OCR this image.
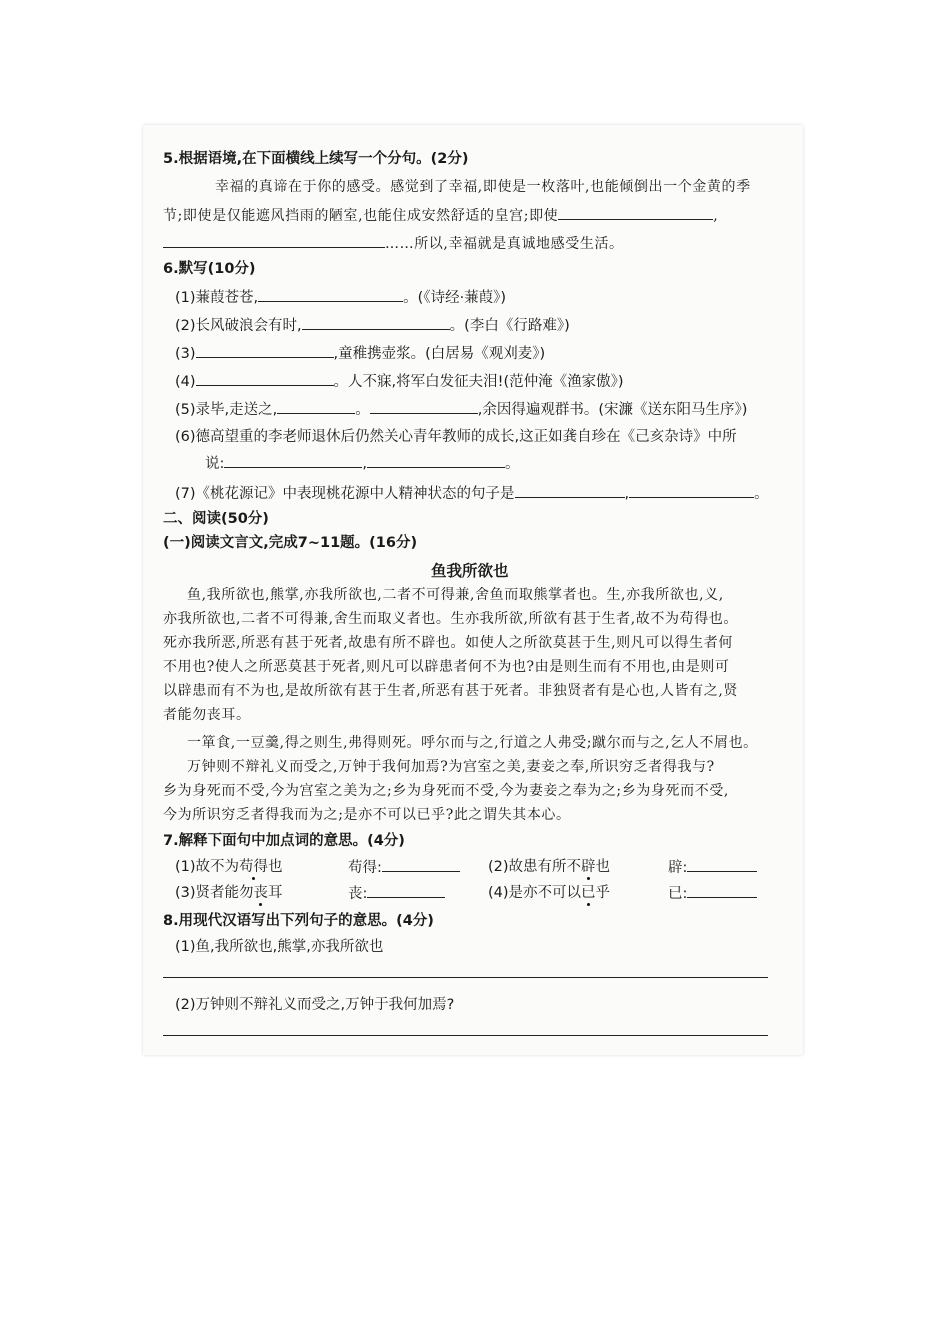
5.根据语境,在下面横线上续写一个分句。(2分)
幸福的真谛在于你的感受。感觉到了幸福,即使是一枚落叶,也能倾倒出一个金黄的季
节;即使是仅能遮风挡雨的陋室,也能住成安然舒适的皇宫;即使	,
……所以,幸福就是真诚地感受生活。
6.默写(10分)
(1)蒹葭苍苍,	。(《诗经·蒹葭》)
(2)长风破浪会有时,	。(李白《行路难》)
(3)	,童稚携壶浆。(白居易《观刈麦》)
(4)	。人不寐,将军白发征夫泪!(范仲淹《渔家傲》)
(5)录毕,走送之,	。	,余因得遍观群书。(宋濂《送东阳马生序》)
(6)德高望重的李老师退休后仍然关心青年教师的成长,这正如龚自珍在《己亥杂诗》中所
说:	,	。
(7)《桃花源记》中表现桃花源中人精神状态的句子是	,	。
二、阅读(50分)
(一)阅读文言文,完成7~11题。(16分)
鱼我所欲也
鱼,我所欲也,熊掌,亦我所欲也,二者不可得兼,舍鱼而取熊掌者也。生,亦我所欲也,义,
亦我所欲也,二者不可得兼,舍生而取义者也。生亦我所欲,所欲有甚于生者,故不为苟得也。
死亦我所恶,所恶有甚于死者,故患有所不辟也。如使人之所欲莫甚于生,则凡可以得生者何
不用也?使人之所恶莫甚于死者,则凡可以辟患者何不为也?由是则生而有不用也,由是则可
以辟患而有不为也,是故所欲有甚于生者,所恶有甚于死者。非独贤者有是心也,人皆有之,贤
者能勿丧耳。
一箪食,一豆羹,得之则生,弗得则死。呼尔而与之,行道之人弗受;蹴尔而与之,乞人不屑也。
万钟则不辩礼义而受之,万钟于我何加焉?为宫室之美,妻妾之奉,所识穷乏者得我与?
乡为身死而不受,今为宫室之美为之;乡为身死而不受,今为妻妾之奉为之;乡为身死而不受,
今为所识穷乏者得我而为之;是亦不可以已乎?此之谓失其本心。
7.解释下面句中加点词的意思。(4分)
(1)故不为苟得也	苟得:	(2)故患有所不辟也	辟:
(3)贤者能勿丧耳	丧:	(4)是亦不可以已乎	已:
8.用现代汉语写出下列句子的意思。(4分)
(1)鱼,我所欲也,熊掌,亦我所欲也
(2)万钟则不辩礼义而受之,万钟于我何加焉?
